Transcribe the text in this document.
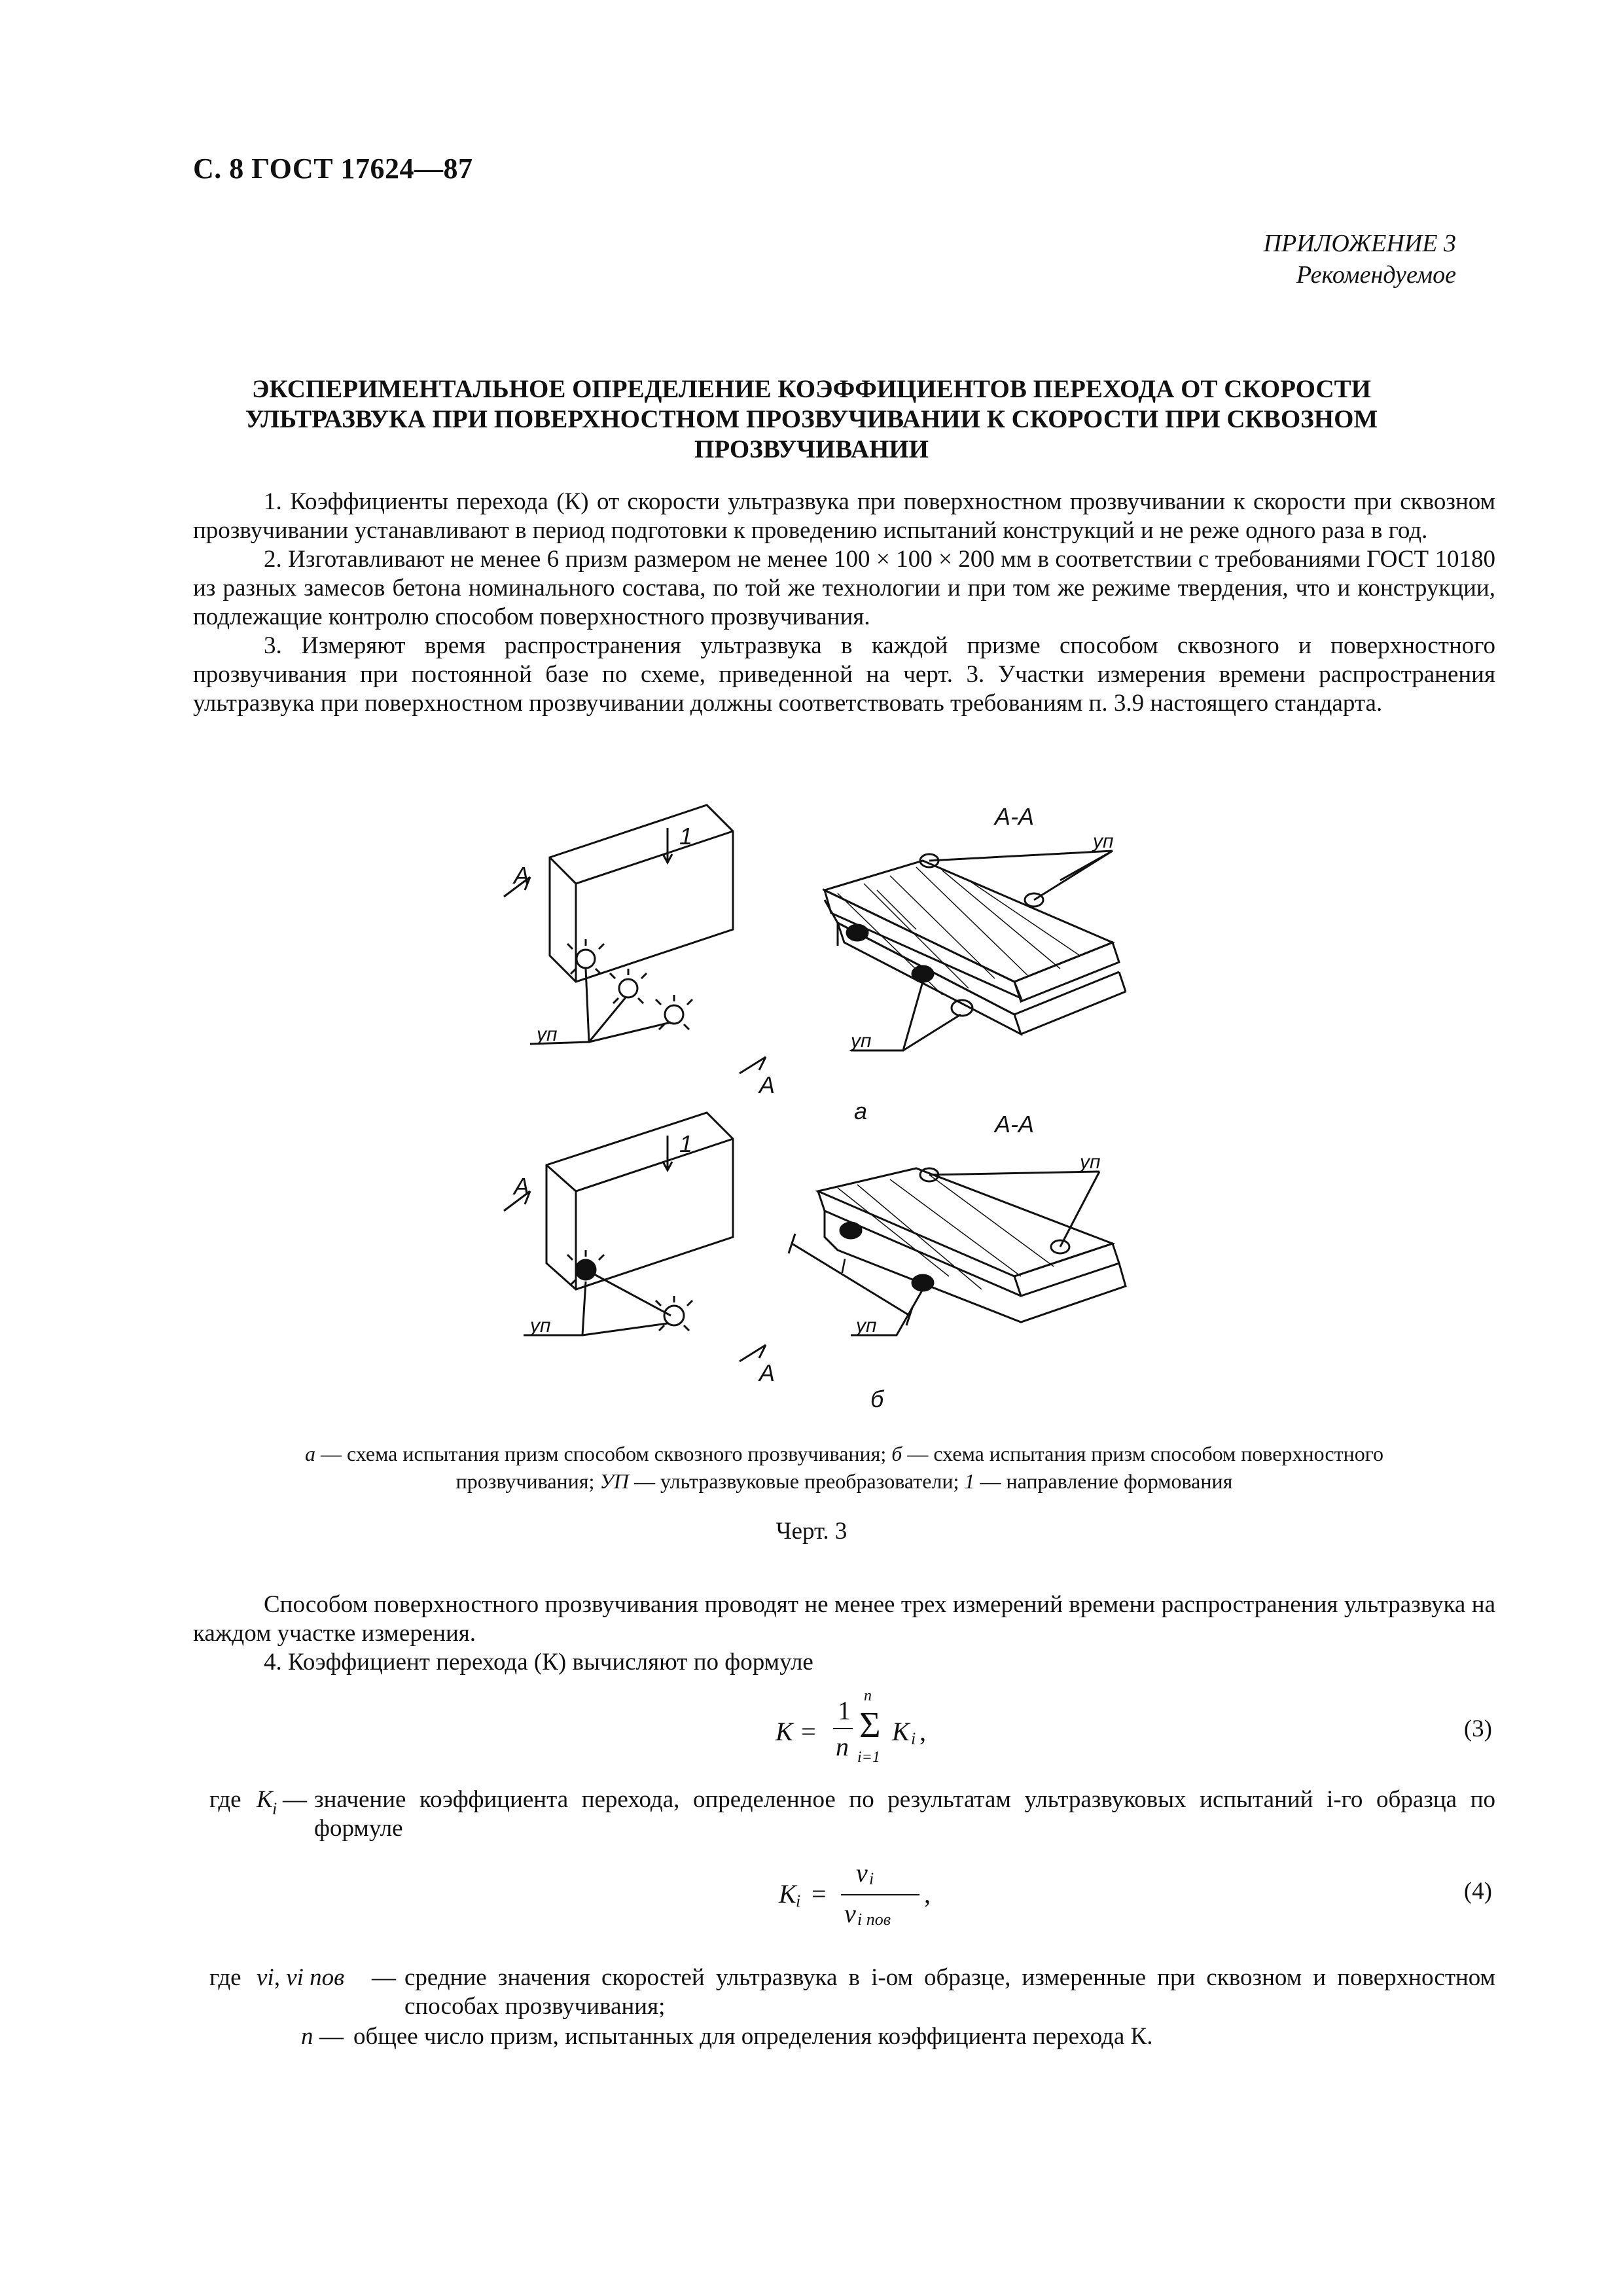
С. 8 ГОСТ 17624—87
ПРИЛОЖЕНИЕ 3
Рекомендуемое
ЭКСПЕРИМЕНТАЛЬНОЕ ОПРЕДЕЛЕНИЕ КОЭФФИЦИЕНТОВ ПЕРЕХОДА ОТ СКОРОСТИ УЛЬТРАЗВУКА ПРИ ПОВЕРХНОСТНОМ ПРОЗВУЧИВАНИИ К СКОРОСТИ ПРИ СКВОЗНОМ ПРОЗВУЧИВАНИИ

1. Коэффициенты перехода (К) от скорости ультразвука при поверхностном прозвучивании к скорости при сквозном прозвучивании устанавливают в период подготовки к проведению испытаний конструкций и не реже одного раза в год.

2. Изготавливают не менее 6 призм размером не менее 100 × 100 × 200 мм в соответствии с требованиями ГОСТ 10180 из разных замесов бетона номинального состава, по той же технологии и при том же режиме твердения, что и конструкции, подлежащие контролю способом поверхностного прозвучивания.

3. Измеряют время распространения ультразвука в каждой призме способом сквозного и поверхностного прозвучивания при постоянной базе по схеме, приведенной на черт. 3. Участки измерения времени распространения ультразвука при поверхностном прозвучивании должны соответствовать требованиям п. 3.9 настоящего стандарта.

А-А
А-А
А
А
А
А
1
1
уп
уп
уп
уп
уп
уп
а
б
l
а — схема испытания призм способом сквозного прозвучивания; б — схема испытания призм способом поверхностного
прозвучивания; УП — ультразвуковые преобразователи; 1 — направление формования
Черт. 3

Способом поверхностного прозвучивания проводят не менее трех измерений времени распространения ультразвука на каждом участке измерения.

4. Коэффициент перехода (К) вычисляют по формуле

K =
1
n
n
Σ
i=1
K i ,	(3)
где K i — значение коэффициента перехода, определенное по результатам ультразвуковых испытаний i-го образца по формуле
K i =
v i
v i пов
,	(4)
где vi, vi пов — средние значения скоростей ультразвука в i-ом образце, измеренные при сквозном и поверхностном способах прозвучивания;
n — общее число призм, испытанных для определения коэффициента перехода К.
